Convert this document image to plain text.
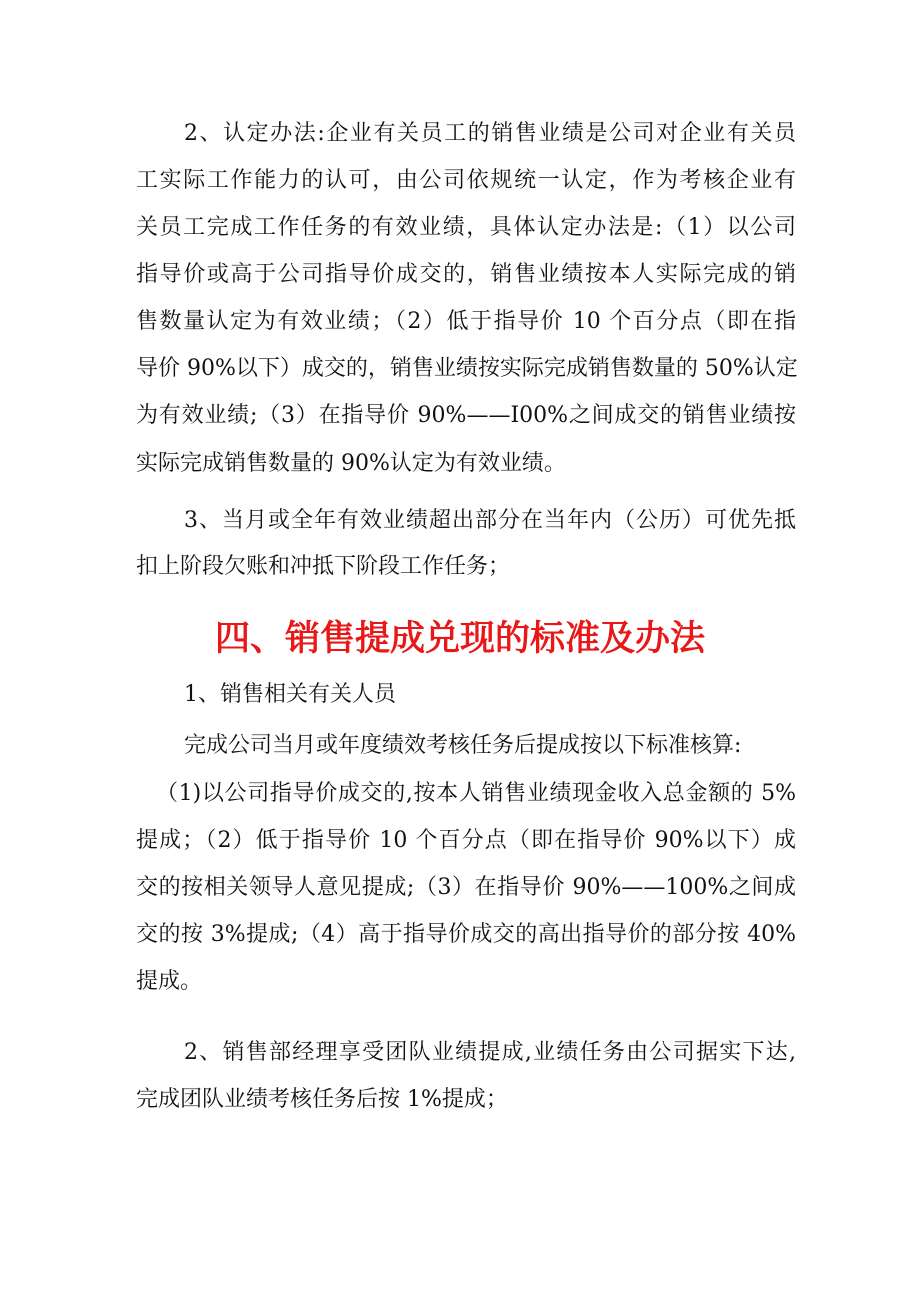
2、认定办法:企业有关员工的销售业绩是公司对企业有关员
工实际工作能力的认可，由公司依规统一认定，作为考核企业有
关员工完成工作任务的有效业绩，具体认定办法是:（1）以公司
指导价或高于公司指导价成交的，销售业绩按本人实际完成的销
售数量认定为有效业绩；（2）低于指导价 10 个百分点（即在指
导价 90%以下）成交的，销售业绩按实际完成销售数量的 50%认定
为有效业绩;（3）在指导价 90%——I00%之间成交的销售业绩按
实际完成销售数量的 90%认定为有效业绩。
3、当月或全年有效业绩超出部分在当年内（公历）可优先抵
扣上阶段欠账和冲抵下阶段工作任务；
四、销售提成兑现的标准及办法
1、销售相关有关人员
完成公司当月或年度绩效考核任务后提成按以下标准核算:
（1)以公司指导价成交的,按本人销售业绩现金收入总金额的 5%
提成；（2）低于指导价 10 个百分点（即在指导价 90%以下）成
交的按相关领导人意见提成;（3）在指导价 90%——100%之间成
交的按 3%提成;（4）高于指导价成交的高出指导价的部分按 40%
提成。
2、销售部经理享受团队业绩提成,业绩任务由公司据实下达,
完成团队业绩考核任务后按 1%提成；
